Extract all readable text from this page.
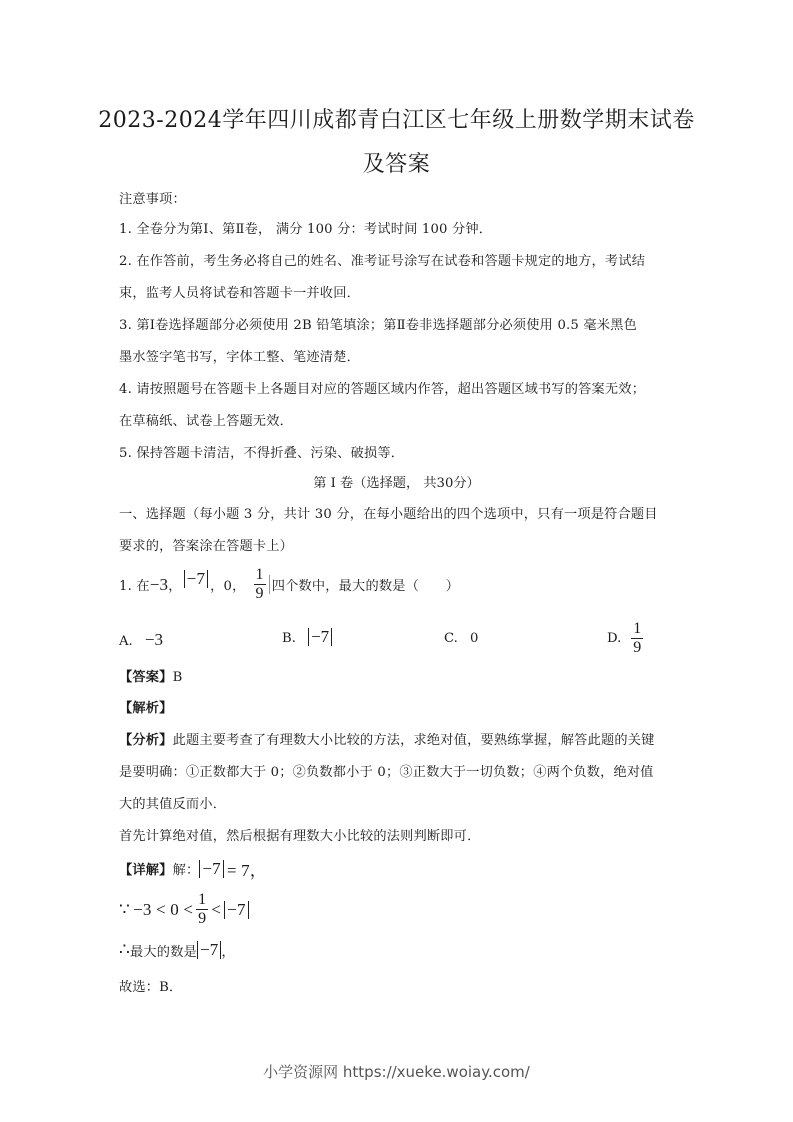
2023-2024学年四川成都青白江区七年级上册数学期末试卷
及答案
注意事项：
1. 全卷分为第Ⅰ、第Ⅱ卷， 满分 100 分：考试时间 100 分钟．
2. 在作答前，考生务必将自己的姓名、准考证号涂写在试卷和答题卡规定的地方，考试结
束，监考人员将试卷和答题卡一并收回．
3. 第Ⅰ卷选择题部分必须使用 2B 铅笔填涂；第Ⅱ卷非选择题部分必须使用 0.5 毫米黑色
墨水签字笔书写，字体工整、笔迹清楚．
4. 请按照题号在答题卡上各题目对应的答题区域内作答，超出答题区域书写的答案无效；
在草稿纸、试卷上答题无效．
5. 保持答题卡清洁，不得折叠、污染、破损等．
第 Ⅰ 卷（选择题， 共30分）
一、选择题（每小题 3 分，共计 30 分，在每小题给出的四个选项中，只有一项是符合题目
要求的，答案涂在答题卡上）
1. 在 −3 ， −7 ，0， $\frac{1}{9}$ 四个数中，最大的数是（　　）
A. −3	B. −7	C. 0	D. $\frac{1}{9}$
【答案】B
【解析】
【分析】此题主要考查了有理数大小比较的方法，求绝对值，要熟练掌握，解答此题的关键
是要明确：①正数都大于 0；②负数都小于 0；③正数大于一切负数；④两个负数，绝对值
大的其值反而小．
首先计算绝对值，然后根据有理数大小比较的法则判断即可．
【详解】 解： −7 = 7，
∵ $-3 < 0 < \frac{1}{9} < -7$
∴ 最大的数是 −7 ，
故选：B．
小学资源网 https://xueke.woiay.com/
